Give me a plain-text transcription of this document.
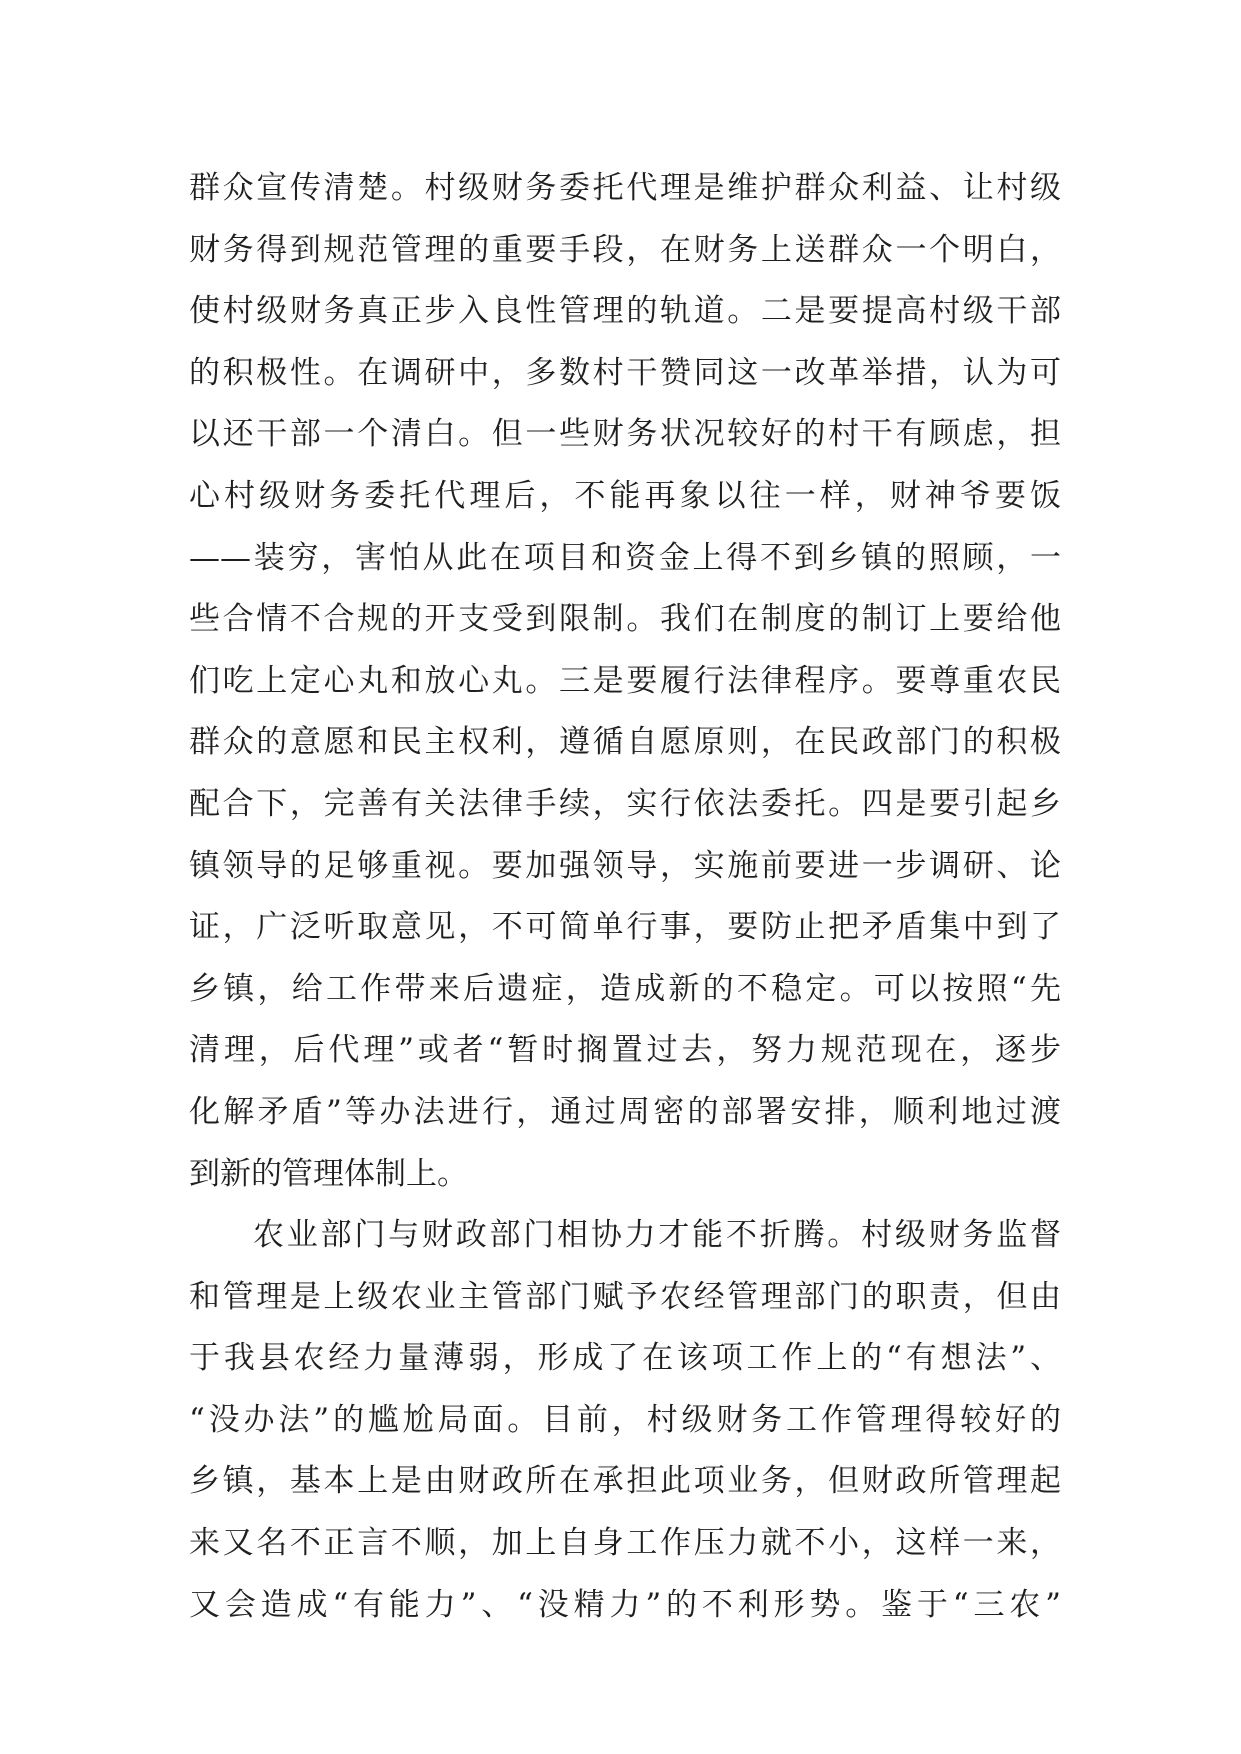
群众宣传清楚。村级财务委托代理是维护群众利益、让村级
财务得到规范管理的重要手段，在财务上送群众一个明白，
使村级财务真正步入良性管理的轨道。二是要提高村级干部
的积极性。在调研中，多数村干赞同这一改革举措，认为可
以还干部一个清白。但一些财务状况较好的村干有顾虑，担
心村级财务委托代理后，不能再象以往一样，财神爷要饭
——装穷，害怕从此在项目和资金上得不到乡镇的照顾，一
些合情不合规的开支受到限制。我们在制度的制订上要给他
们吃上定心丸和放心丸。三是要履行法律程序。要尊重农民
群众的意愿和民主权利，遵循自愿原则，在民政部门的积极
配合下，完善有关法律手续，实行依法委托。四是要引起乡
镇领导的足够重视。要加强领导，实施前要进一步调研、论
证，广泛听取意见，不可简单行事，要防止把矛盾集中到了
乡镇，给工作带来后遗症，造成新的不稳定。可以按照“先
清理，后代理”或者“暂时搁置过去，努力规范现在，逐步
化解矛盾”等办法进行，通过周密的部署安排，顺利地过渡
到新的管理体制上。
农业部门与财政部门相协力才能不折腾。村级财务监督
和管理是上级农业主管部门赋予农经管理部门的职责，但由
于我县农经力量薄弱，形成了在该项工作上的“有想法”、
“没办法”的尴尬局面。目前，村级财务工作管理得较好的
乡镇，基本上是由财政所在承担此项业务，但财政所管理起
来又名不正言不顺，加上自身工作压力就不小，这样一来，
又会造成“有能力”、“没精力”的不利形势。鉴于“三农”
